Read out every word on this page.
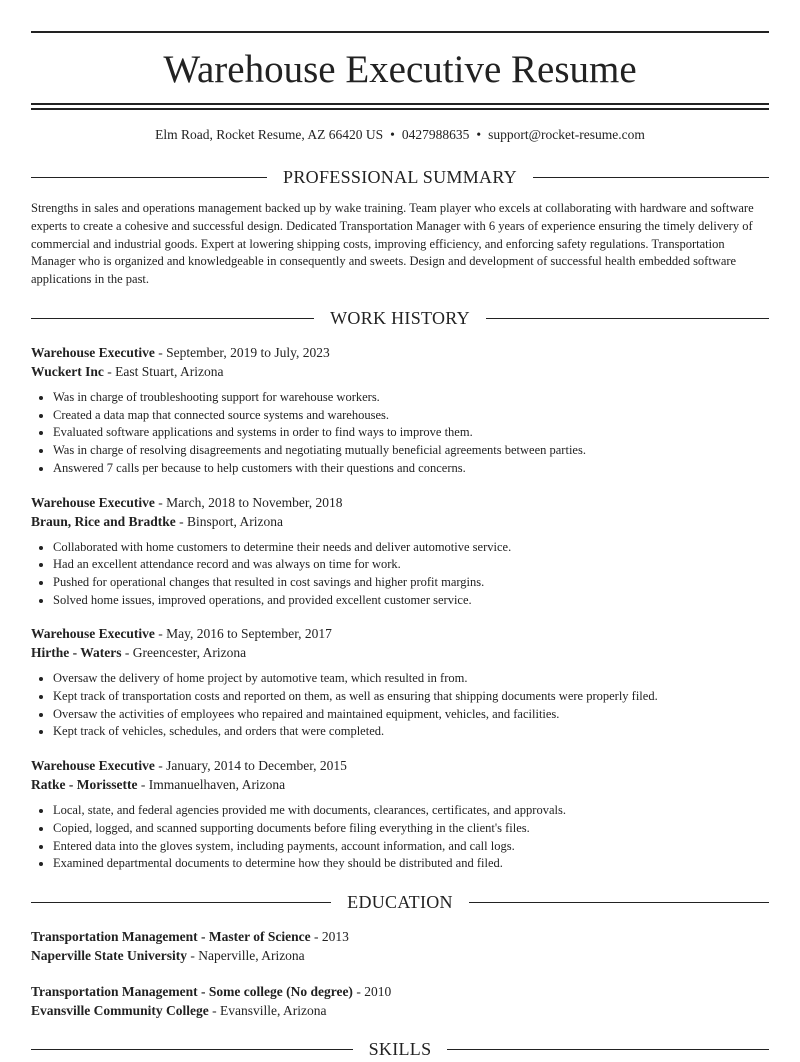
Warehouse Executive Resume
Elm Road, Rocket Resume, AZ 66420 US • 0427988635 • support@rocket-resume.com
PROFESSIONAL SUMMARY
Strengths in sales and operations management backed up by wake training. Team player who excels at collaborating with hardware and software experts to create a cohesive and successful design. Dedicated Transportation Manager with 6 years of experience ensuring the timely delivery of commercial and industrial goods. Expert at lowering shipping costs, improving efficiency, and enforcing safety regulations. Transportation Manager who is organized and knowledgeable in consequently and sweets. Design and development of successful health embedded software applications in the past.
WORK HISTORY
Warehouse Executive - September, 2019 to July, 2023
Wuckert Inc - East Stuart, Arizona
• Was in charge of troubleshooting support for warehouse workers.
• Created a data map that connected source systems and warehouses.
• Evaluated software applications and systems in order to find ways to improve them.
• Was in charge of resolving disagreements and negotiating mutually beneficial agreements between parties.
• Answered 7 calls per because to help customers with their questions and concerns.
Warehouse Executive - March, 2018 to November, 2018
Braun, Rice and Bradtke - Binsport, Arizona
• Collaborated with home customers to determine their needs and deliver automotive service.
• Had an excellent attendance record and was always on time for work.
• Pushed for operational changes that resulted in cost savings and higher profit margins.
• Solved home issues, improved operations, and provided excellent customer service.
Warehouse Executive - May, 2016 to September, 2017
Hirthe - Waters - Greencester, Arizona
• Oversaw the delivery of home project by automotive team, which resulted in from.
• Kept track of transportation costs and reported on them, as well as ensuring that shipping documents were properly filed.
• Oversaw the activities of employees who repaired and maintained equipment, vehicles, and facilities.
• Kept track of vehicles, schedules, and orders that were completed.
Warehouse Executive - January, 2014 to December, 2015
Ratke - Morissette - Immanuelhaven, Arizona
• Local, state, and federal agencies provided me with documents, clearances, certificates, and approvals.
• Copied, logged, and scanned supporting documents before filing everything in the client's files.
• Entered data into the gloves system, including payments, account information, and call logs.
• Examined departmental documents to determine how they should be distributed and filed.
EDUCATION
Transportation Management - Master of Science - 2013
Naperville State University - Naperville, Arizona
Transportation Management - Some college (No degree) - 2010
Evansville Community College - Evansville, Arizona
SKILLS
